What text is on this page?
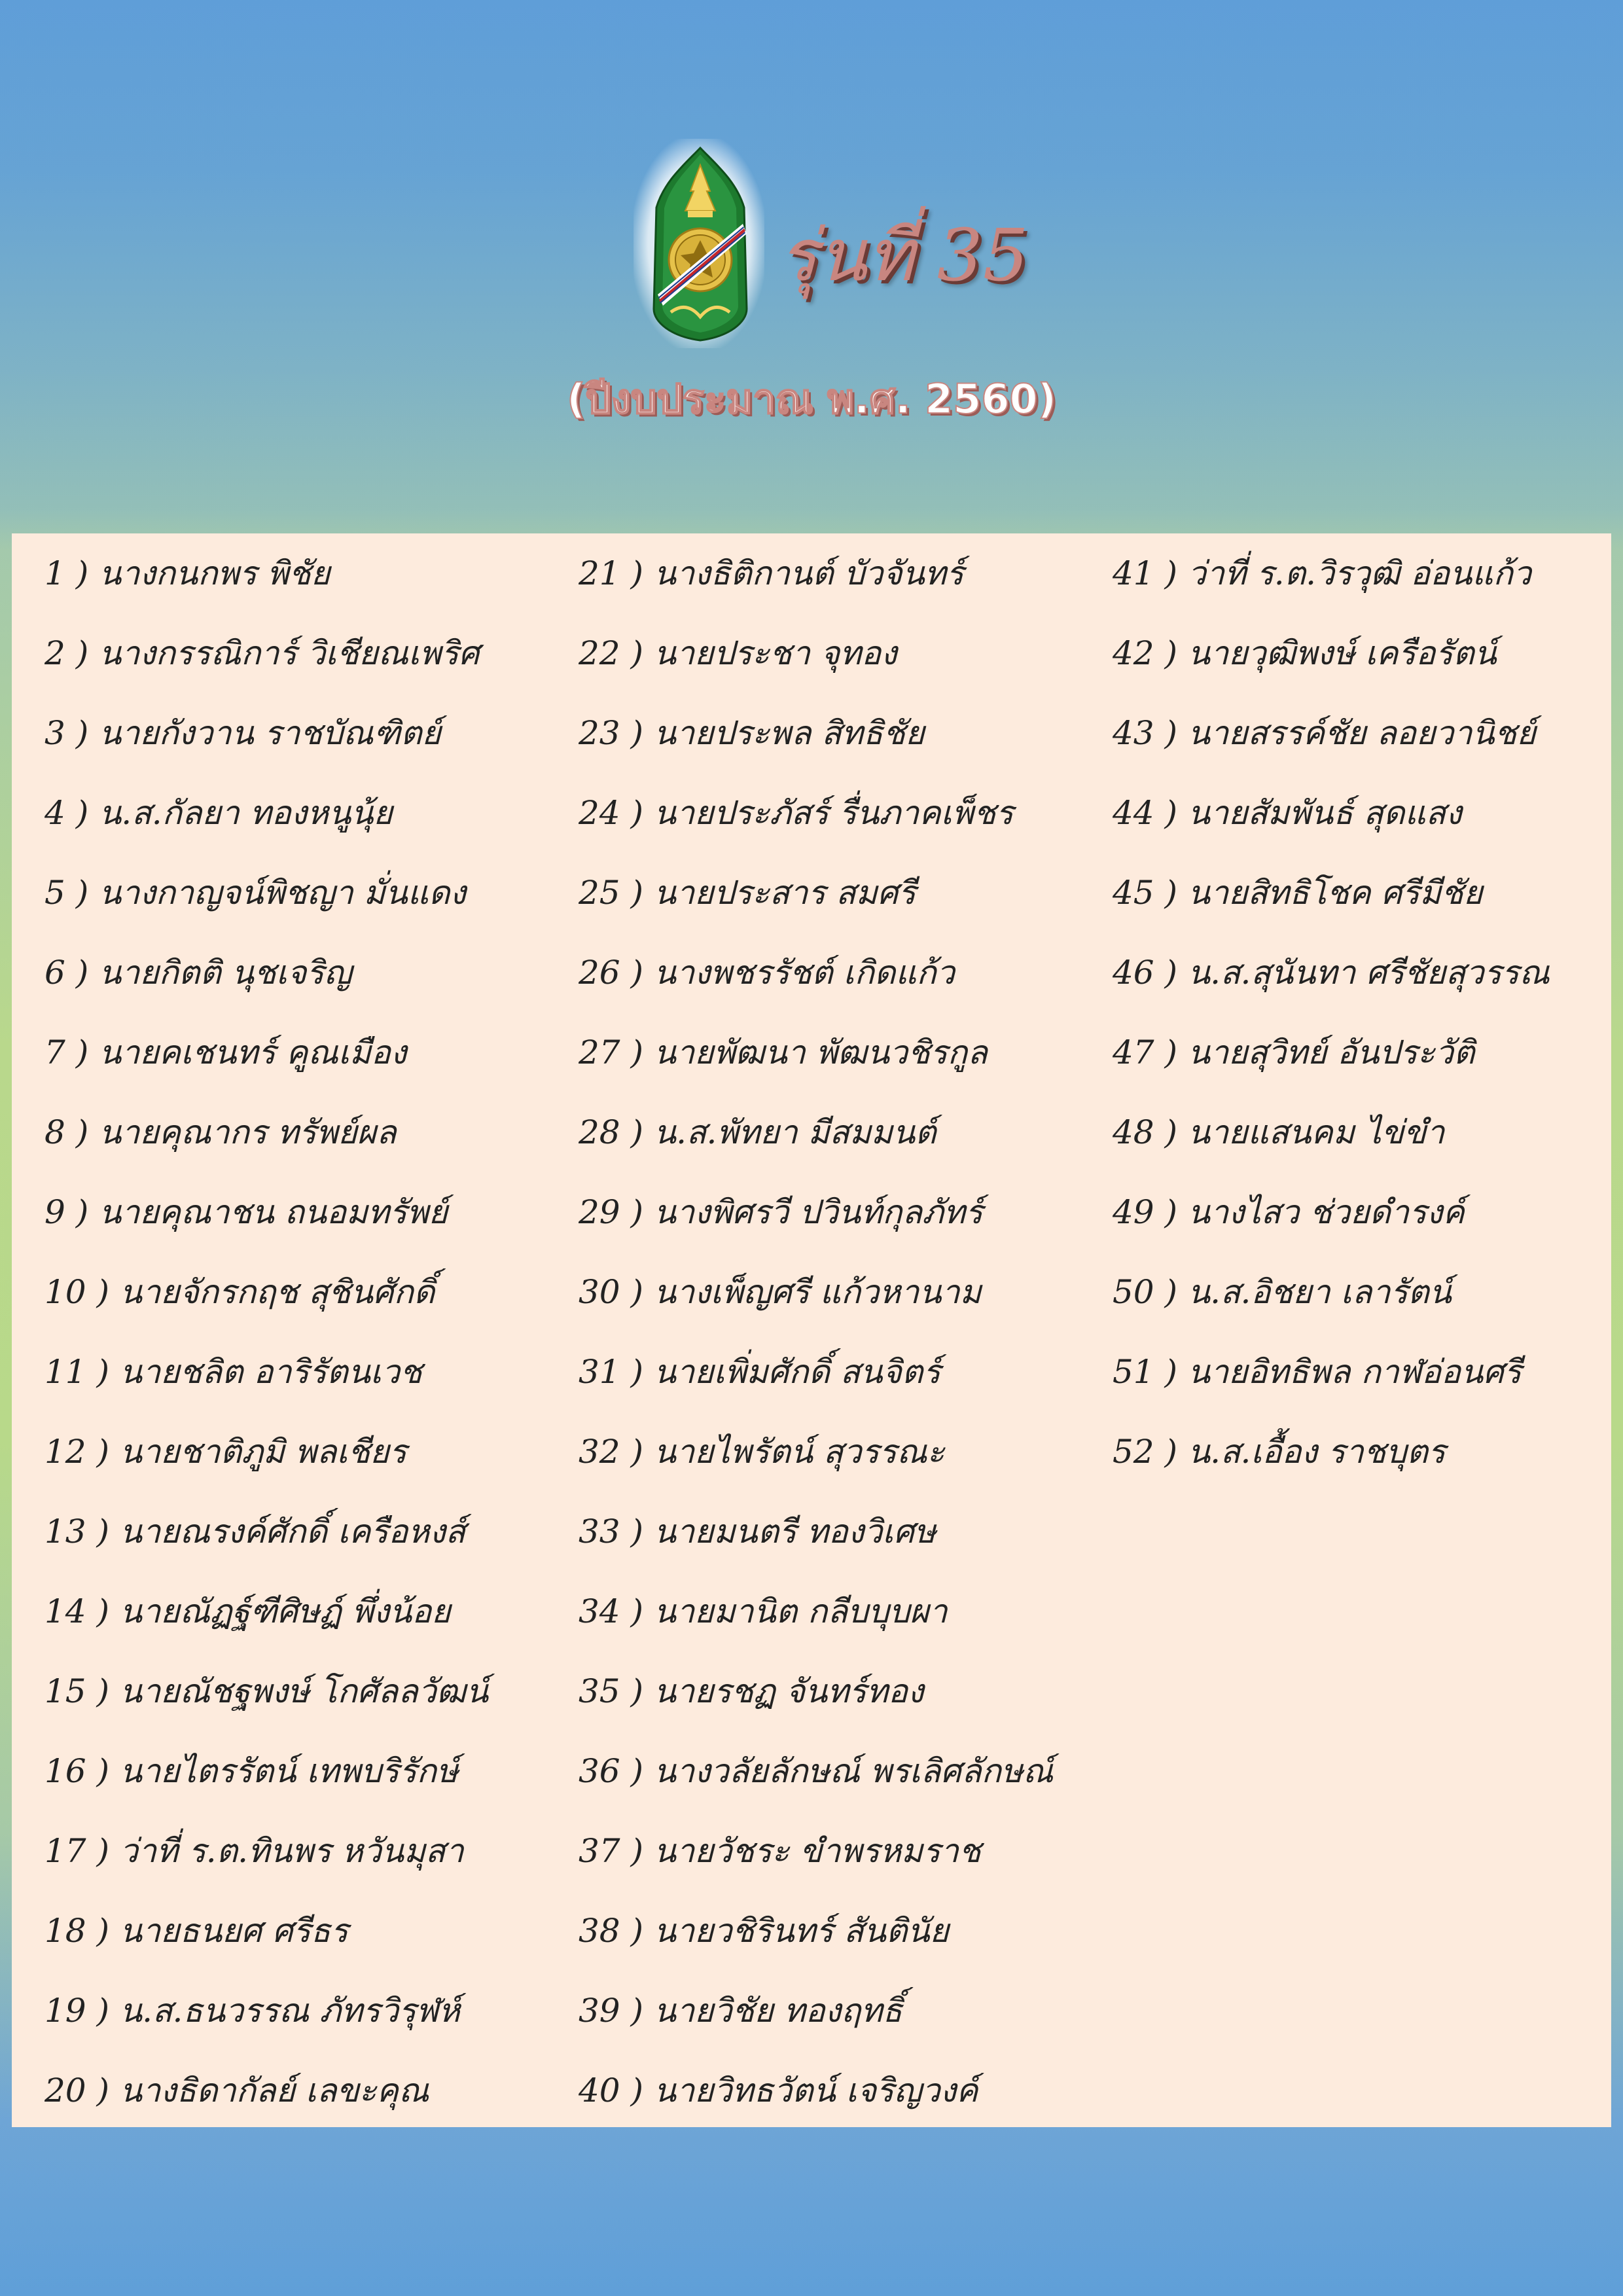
รุ่นที่ 35
(ปีงบประมาณ พ.ศ. 2560)
1 ) นางกนกพร พิชัย
2 ) นางกรรณิการ์ วิเชียณเพริศ
3 ) นายกังวาน ราชบัณฑิตย์
4 ) น.ส.กัลยา ทองหนูนุ้ย
5 ) นางกาญจน์พิชญา มั่นแดง
6 ) นายกิตติ นุชเจริญ
7 ) นายคเชนทร์ คูณเมือง
8 ) นายคุณากร ทรัพย์ผล
9 ) นายคุณาชน ถนอมทรัพย์
10 ) นายจักรกฤช สุชินศักดิ์
11 ) นายชลิต อาริรัตนเวช
12 ) นายชาติภูมิ พลเชียร
13 ) นายณรงค์ศักดิ์ เครือหงส์
14 ) นายณัฏฐ์ฑีศิษฏ์ พึ่งน้อย
15 ) นายณัชฐพงษ์ โกศัลลวัฒน์
16 ) นายไตรรัตน์ เทพบริรักษ์
17 ) ว่าที่ ร.ต.ทินพร หวันมุสา
18 ) นายธนยศ ศรีธร
19 ) น.ส.ธนวรรณ ภัทรวิรุฬห์
20 ) นางธิดากัลย์ เลขะคุณ
21 ) นางธิติกานต์ บัวจันทร์
22 ) นายประชา จุทอง
23 ) นายประพล สิทธิชัย
24 ) นายประภัสร์ รื่นภาคเพ็ชร
25 ) นายประสาร สมศรี
26 ) นางพชรรัชต์ เกิดแก้ว
27 ) นายพัฒนา พัฒนวชิรกูล
28 ) น.ส.พัทยา มีสมมนต์
29 ) นางพิศรวี ปวินท์กุลภัทร์
30 ) นางเพ็ญศรี แก้วหานาม
31 ) นายเพิ่มศักดิ์ สนจิตร์
32 ) นายไพรัตน์ สุวรรณะ
33 ) นายมนตรี ทองวิเศษ
34 ) นายมานิต กลีบบุบผา
35 ) นายรชฏ จันทร์ทอง
36 ) นางวลัยลักษณ์ พรเลิศลักษณ์
37 ) นายวัชระ ขำพรหมราช
38 ) นายวชิรินทร์ สันตินัย
39 ) นายวิชัย ทองฤทธิ์
40 ) นายวิทธวัตน์ เจริญวงค์
41 ) ว่าที่ ร.ต.วิรวุฒิ อ่อนแก้ว
42 ) นายวุฒิพงษ์ เครือรัตน์
43 ) นายสรรค์ชัย ลอยวานิชย์
44 ) นายสัมพันธ์ สุดแสง
45 ) นายสิทธิโชค ศรีมีชัย
46 ) น.ส.สุนันทา ศรีชัยสุวรรณ
47 ) นายสุวิทย์ อันประวัติ
48 ) นายแสนคม ไข่ขำ
49 ) นางไสว ช่วยดำรงค์
50 ) น.ส.อิชยา เลารัตน์
51 ) นายอิทธิพล กาฬอ่อนศรี
52 ) น.ส.เอื้อง ราชบุตร
